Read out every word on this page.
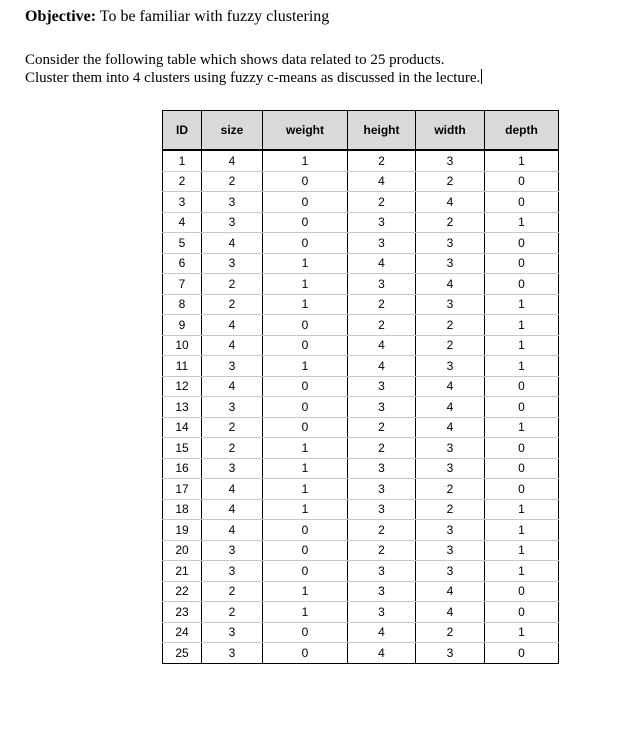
Objective: To be familiar with fuzzy clustering
Consider the following table which shows data related to 25 products.
Cluster them into 4 clusters using fuzzy c-means as discussed in the lecture.
ID	size	weight	height	width	depth
1	4	1	2	3	1
2	2	0	4	2	0
3	3	0	2	4	0
4	3	0	3	2	1
5	4	0	3	3	0
6	3	1	4	3	0
7	2	1	3	4	0
8	2	1	2	3	1
9	4	0	2	2	1
10	4	0	4	2	1
11	3	1	4	3	1
12	4	0	3	4	0
13	3	0	3	4	0
14	2	0	2	4	1
15	2	1	2	3	0
16	3	1	3	3	0
17	4	1	3	2	0
18	4	1	3	2	1
19	4	0	2	3	1
20	3	0	2	3	1
21	3	0	3	3	1
22	2	1	3	4	0
23	2	1	3	4	0
24	3	0	4	2	1
25	3	0	4	3	0
